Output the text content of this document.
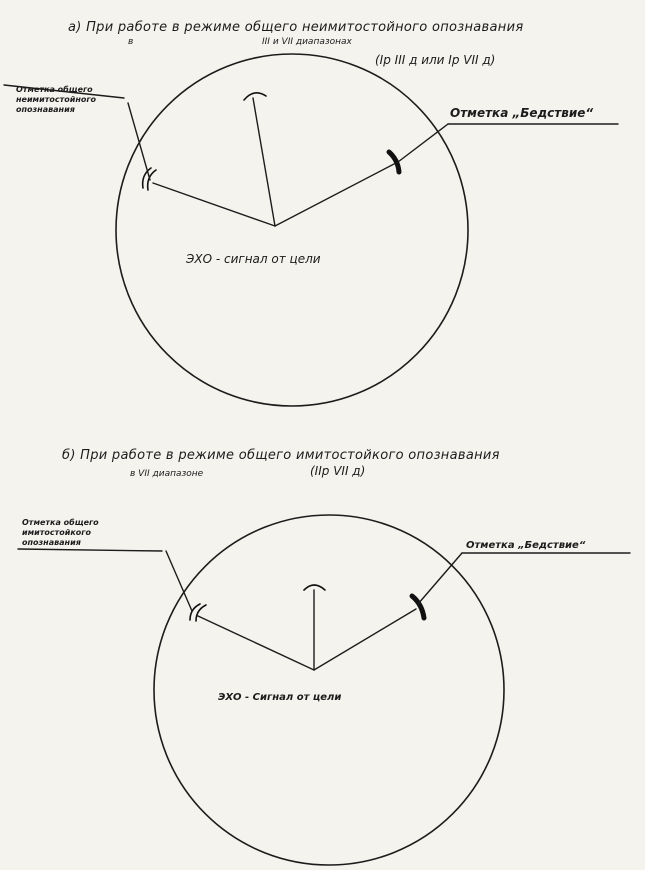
а) При работе в режиме общего неимитостойного опознавания
в	III и VII диапазонах
(Iр III д или Iр VII д)
Отметка общего
неимитостойного
опознавания	Отметка „Бедствие“
ЭХО - сигнал от цели
б) При работе в режиме общего имитостойкого опознавания
в VII диапазоне	(IIр VII д)
Отметка общего
имитостойкого
опознавания	Отметка „Бедствие“
ЭХО - Сигнал от цели
